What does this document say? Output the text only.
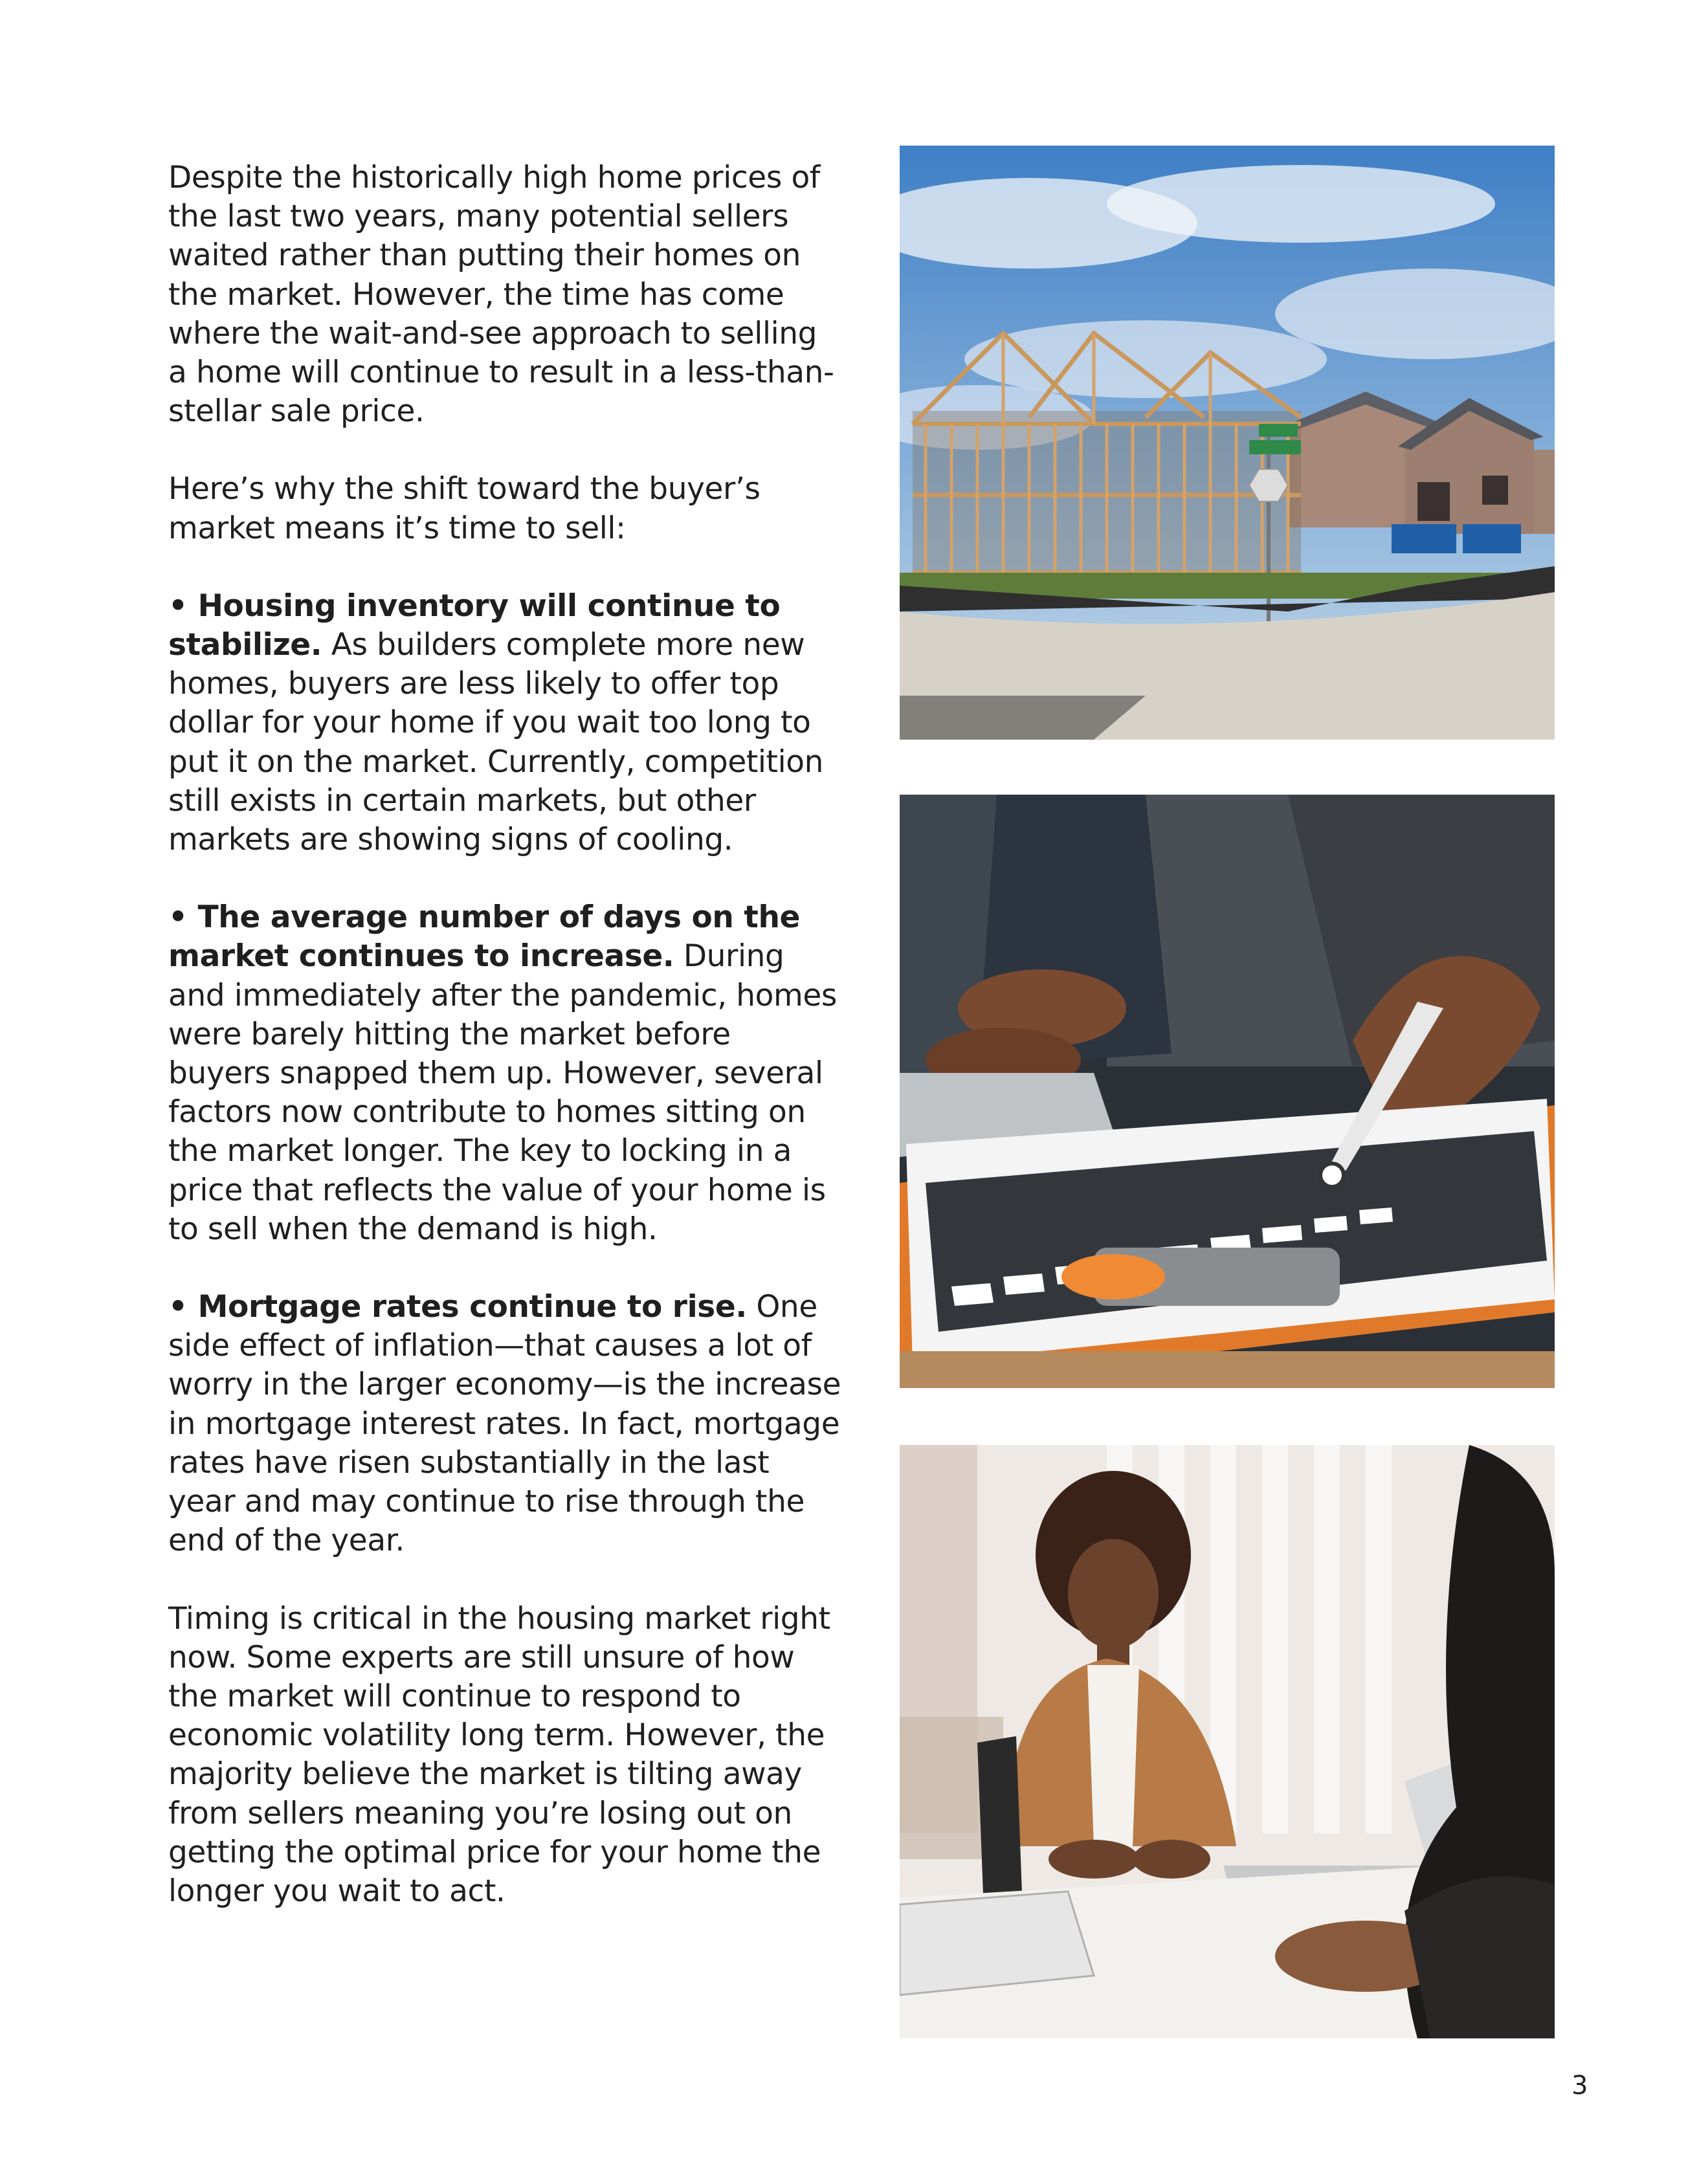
Despite the historically high home prices of the last two years, many potential sellers waited rather than putting their homes on the market. However, the time has come where the wait-and-see approach to selling a home will continue to result in a less-than-stellar sale price.

Here’s why the shift toward the buyer’s market means it’s time to sell:

• Housing inventory will continue to stabilize. As builders complete more new homes, buyers are less likely to offer top dollar for your home if you wait too long to put it on the market. Currently, competition still exists in certain markets, but other markets are showing signs of cooling.

• The average number of days on the market continues to increase. During and immediately after the pandemic, homes were barely hitting the market before buyers snapped them up. However, several factors now contribute to homes sitting on the market longer. The key to locking in a price that reflects the value of your home is to sell when the demand is high.

• Mortgage rates continue to rise. One side effect of inflation—that causes a lot of worry in the larger economy—is the increase in mortgage interest rates. In fact, mortgage rates have risen substantially in the last year and may continue to rise through the end of the year.

Timing is critical in the housing market right now. Some experts are still unsure of how the market will continue to respond to economic volatility long term. However, the majority believe the market is tilting away from sellers meaning you’re losing out on getting the optimal price for your home the longer you wait to act.

3
